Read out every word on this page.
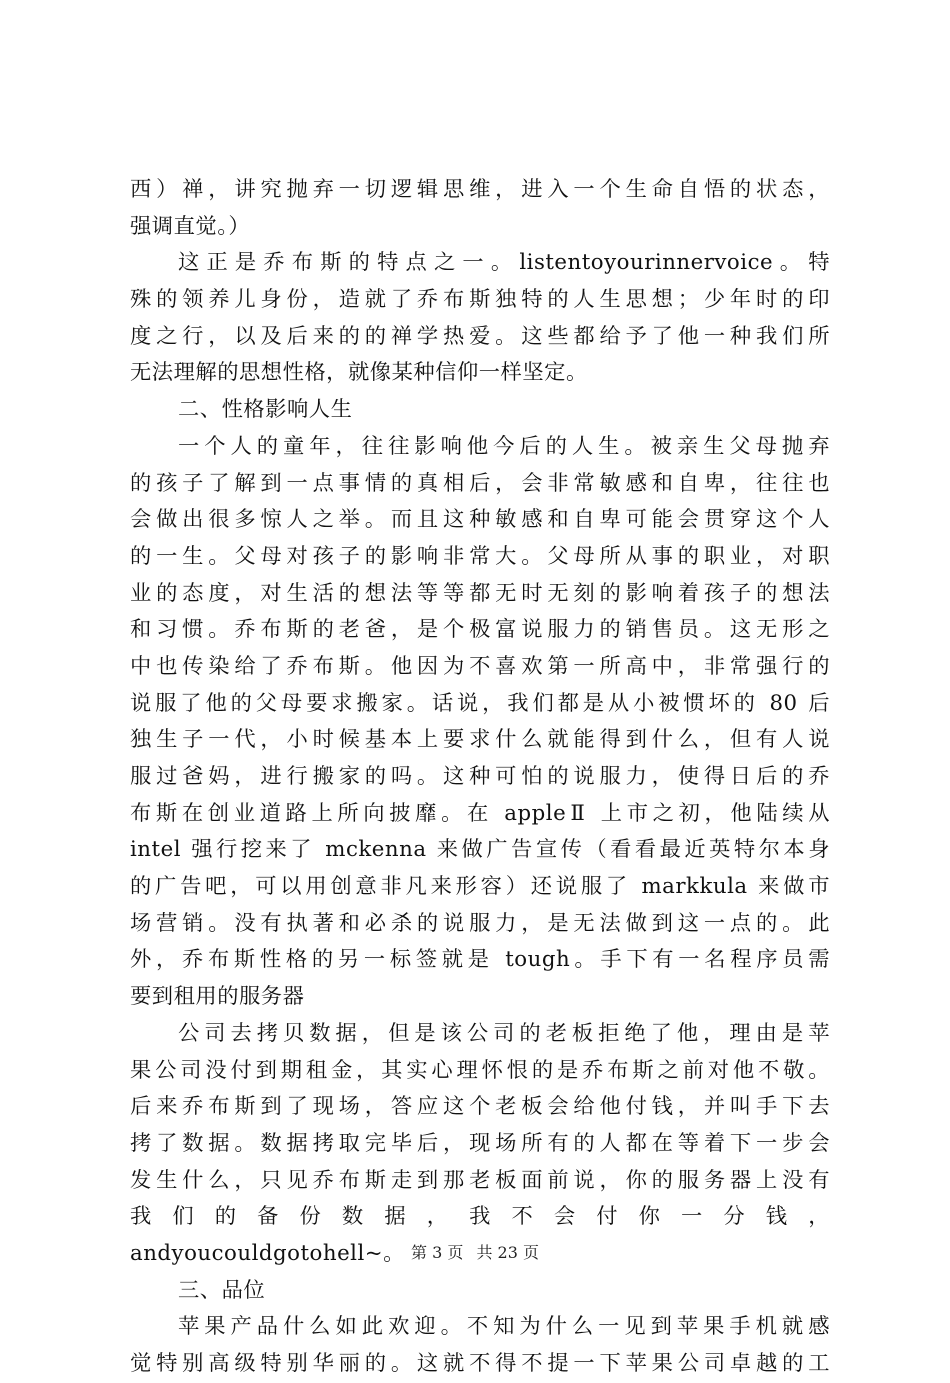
西）禅，讲究抛弃一切逻辑思维，进入一个生命自悟的状态，
强调直觉。）
这正是乔布斯的特点之一。listentoyourinnervoice。特
殊的领养儿身份，造就了乔布斯独特的人生思想；少年时的印
度之行，以及后来的的禅学热爱。这些都给予了他一种我们所
无法理解的思想性格，就像某种信仰一样坚定。
二、性格影响人生
一个人的童年，往往影响他今后的人生。被亲生父母抛弃
的孩子了解到一点事情的真相后，会非常敏感和自卑，往往也
会做出很多惊人之举。而且这种敏感和自卑可能会贯穿这个人
的一生。父母对孩子的影响非常大。父母所从事的职业，对职
业的态度，对生活的想法等等都无时无刻的影响着孩子的想法
和习惯。乔布斯的老爸，是个极富说服力的销售员。这无形之
中也传染给了乔布斯。他因为不喜欢第一所高中，非常强行的
说服了他的父母要求搬家。话说，我们都是从小被惯坏的 80 后
独生子一代，小时候基本上要求什么就能得到什么，但有人说
服过爸妈，进行搬家的吗。这种可怕的说服力，使得日后的乔
布斯在创业道路上所向披靡。在 appleⅡ 上市之初，他陆续从
intel 强行挖来了 mckenna 来做广告宣传（看看最近英特尔本身
的广告吧，可以用创意非凡来形容）还说服了 markkula 来做市
场营销。没有执著和必杀的说服力，是无法做到这一点的。此
外，乔布斯性格的另一标签就是 tough。手下有一名程序员需
要到租用的服务器
公司去拷贝数据，但是该公司的老板拒绝了他，理由是苹
果公司没付到期租金，其实心理怀恨的是乔布斯之前对他不敬。
后来乔布斯到了现场，答应这个老板会给他付钱，并叫手下去
拷了数据。数据拷取完毕后，现场所有的人都在等着下一步会
发生什么，只见乔布斯走到那老板面前说，你的服务器上没有
我 们 的 备 份 数 据 ， 我 不 会 付 你 一 分 钱 ，
andyoucouldgotohell~。
三、品位
苹果产品什么如此欢迎。不知为什么一见到苹果手机就感
觉特别高级特别华丽的。这就不得不提一下苹果公司卓越的工
第 3 页 共 23 页
